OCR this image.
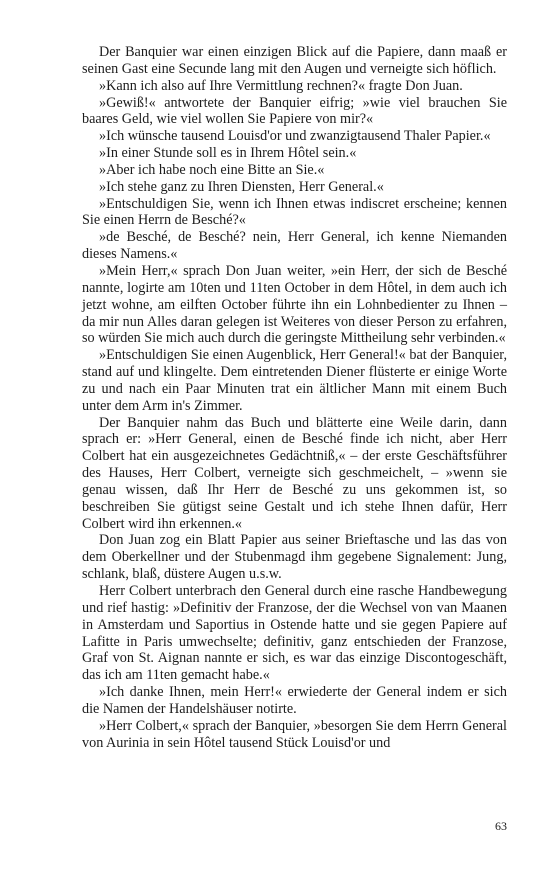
Der Banquier war einen einzigen Blick auf die Papiere, dann maaß er seinen Gast eine Secunde lang mit den Augen und verneigte sich höflich.

»Kann ich also auf Ihre Vermittlung rechnen?« fragte Don Juan.

»Gewiß!« antwortete der Banquier eifrig; »wie viel brauchen Sie baares Geld, wie viel wollen Sie Papiere von mir?«

»Ich wünsche tausend Louisd'or und zwanzigtausend Thaler Papier.«

»In einer Stunde soll es in Ihrem Hôtel sein.«

»Aber ich habe noch eine Bitte an Sie.«

»Ich stehe ganz zu Ihren Diensten, Herr General.«

»Entschuldigen Sie, wenn ich Ihnen etwas indiscret erscheine; kennen Sie einen Herrn de Besché?«

»de Besché, de Besché? nein, Herr General, ich kenne Niemanden dieses Namens.«

»Mein Herr,« sprach Don Juan weiter, »ein Herr, der sich de Besché nannte, logirte am 10ten und 11ten October in dem Hôtel, in dem auch ich jetzt wohne, am eilften October führte ihn ein Lohnbedienter zu Ihnen – da mir nun Alles daran gelegen ist Weiteres von dieser Person zu erfahren, so würden Sie mich auch durch die geringste Mittheilung sehr verbinden.«

»Entschuldigen Sie einen Augenblick, Herr General!« bat der Banquier, stand auf und klingelte. Dem eintretenden Diener flüsterte er einige Worte zu und nach ein Paar Minuten trat ein ältlicher Mann mit einem Buch unter dem Arm in's Zimmer.

Der Banquier nahm das Buch und blätterte eine Weile darin, dann sprach er: »Herr General, einen de Besché finde ich nicht, aber Herr Colbert hat ein ausgezeichnetes Gedächtniß,« – der erste Geschäftsführer des Hauses, Herr Colbert, verneigte sich geschmeichelt, – »wenn sie genau wissen, daß Ihr Herr de Besché zu uns gekommen ist, so beschreiben Sie gütigst seine Gestalt und ich stehe Ihnen dafür, Herr Colbert wird ihn erkennen.«

Don Juan zog ein Blatt Papier aus seiner Brieftasche und las das von dem Oberkellner und der Stubenmagd ihm gegebene Signalement: Jung, schlank, blaß, düstere Augen u.s.w.

Herr Colbert unterbrach den General durch eine rasche Handbewegung und rief hastig: »Definitiv der Franzose, der die Wechsel von van Maanen in Amsterdam und Saportius in Ostende hatte und sie gegen Papiere auf Lafitte in Paris umwechselte; definitiv, ganz entschieden der Franzose, Graf von St. Aignan nannte er sich, es war das einzige Discontogeschäft, das ich am 11ten gemacht habe.«

»Ich danke Ihnen, mein Herr!« erwiederte der General indem er sich die Namen der Handelshäuser notirte.

»Herr Colbert,« sprach der Banquier, »besorgen Sie dem Herrn General von Aurinia in sein Hôtel tausend Stück Louisd'or und

63
